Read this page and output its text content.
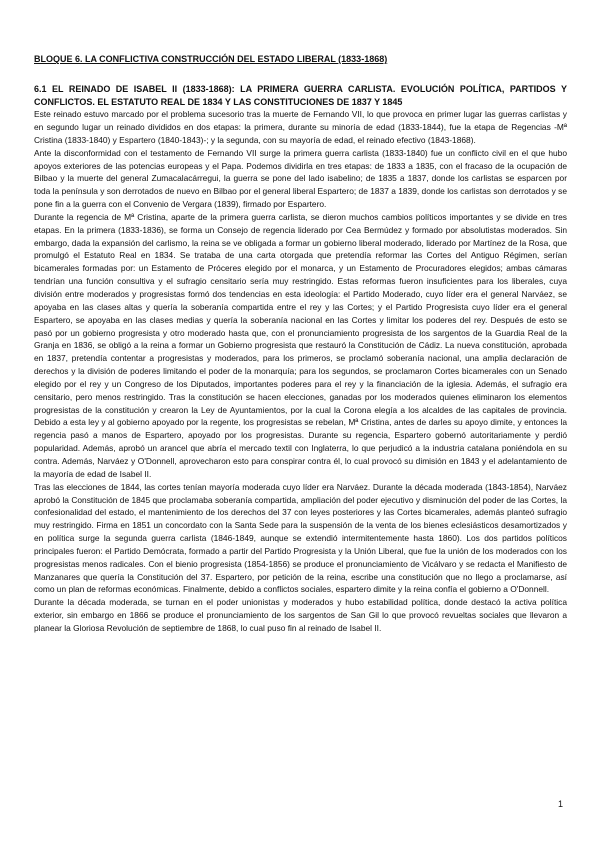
BLOQUE 6. LA CONFLICTIVA CONSTRUCCIÓN DEL ESTADO LIBERAL (1833-1868)

6.1 EL REINADO DE ISABEL II (1833-1868): LA PRIMERA GUERRA CARLISTA. EVOLUCIÓN POLÍTICA, PARTIDOS Y CONFLICTOS. EL ESTATUTO REAL DE 1834 Y LAS CONSTITUCIONES DE 1837 Y 1845

Este reinado estuvo marcado por el problema sucesorio tras la muerte de Fernando VII, lo que provoca en primer lugar las guerras carlistas y en segundo lugar un reinado divididos en dos etapas: la primera, durante su minoría de edad (1833-1844), fue la etapa de Regencias -Mª Cristina (1833-1840) y Espartero (1840-1843)-; y la segunda, con su mayoría de edad, el reinado efectivo (1843-1868).

Ante la disconformidad con el testamento de Fernando VII surge la primera guerra carlista (1833-1840) fue un conflicto civil en el que hubo apoyos exteriores de las potencias europeas y el Papa. Podemos dividirla en tres etapas: de 1833 a 1835, con el fracaso de la ocupación de Bilbao y la muerte del general Zumacalacárregui, la guerra se pone del lado isabelino; de 1835 a 1837, donde los carlistas se esparcen por toda la península y son derrotados de nuevo en Bilbao por el general liberal Espartero; de 1837 a 1839, donde los carlistas son derrotados y se pone fin a la guerra con el Convenio de Vergara (1839), firmado por Espartero.

Durante la regencia de Mª Cristina, aparte de la primera guerra carlista, se dieron muchos cambios políticos importantes y se divide en tres etapas. En la primera (1833-1836), se forma un Consejo de regencia liderado por Cea Bermúdez y formado por absolutistas moderados. Sin embargo, dada la expansión del carlismo, la reina se ve obligada a formar un gobierno liberal moderado, liderado por Martínez de la Rosa, que promulgó el Estatuto Real en 1834. Se trataba de una carta otorgada que pretendía reformar las Cortes del Antiguo Régimen, serían bicamerales formadas por: un Estamento de Próceres elegido por el monarca, y un Estamento de Procuradores elegidos; ambas cámaras tendrían una función consultiva y el sufragio censitario sería muy restringido. Estas reformas fueron insuficientes para los liberales, cuya división entre moderados y progresistas formó dos tendencias en esta ideología: el Partido Moderado, cuyo líder era el general Narváez, se apoyaba en las clases altas y quería la soberanía compartida entre el rey y las Cortes; y el Partido Progresista cuyo líder era el general Espartero, se apoyaba en las clases medias y quería la soberanía nacional en las Cortes y limitar los poderes del rey. Después de esto se pasó por un gobierno progresista y otro moderado hasta que, con el pronunciamiento progresista de los sargentos de la Guardia Real de la Granja en 1836, se obligó a la reina a formar un Gobierno progresista que restauró la Constitución de Cádiz. La nueva constitución, aprobada en 1837, pretendía contentar a progresistas y moderados, para los primeros, se proclamó soberanía nacional, una amplia declaración de derechos y la división de poderes limitando el poder de la monarquía; para los segundos, se proclamaron Cortes bicamerales con un Senado elegido por el rey y un Congreso de los Diputados, importantes poderes para el rey y la financiación de la iglesia. Además, el sufragio era censitario, pero menos restringido. Tras la constitución se hacen elecciones, ganadas por los moderados quienes eliminaron los elementos progresistas de la constitución y crearon la Ley de Ayuntamientos, por la cual la Corona elegía a los alcaldes de las capitales de provincia. Debido a esta ley y al gobierno apoyado por la regente, los progresistas se rebelan, Mª Cristina, antes de darles su apoyo dimite, y entonces la regencia pasó a manos de Espartero, apoyado por los progresistas. Durante su regencia, Espartero gobernó autoritariamente y perdió popularidad. Además, aprobó un arancel que abría el mercado textil con Inglaterra, lo que perjudicó a la industria catalana poniéndola en su contra. Además, Narváez y O'Donnell, aprovecharon esto para conspirar contra él, lo cual provocó su dimisión en 1843 y el adelantamiento de la mayoría de edad de Isabel II.

Tras las elecciones de 1844, las cortes tenían mayoría moderada cuyo líder era Narváez. Durante la década moderada (1843-1854), Narváez aprobó la Constitución de 1845 que proclamaba soberanía compartida, ampliación del poder ejecutivo y disminución del poder de las Cortes, la confesionalidad del estado, el mantenimiento de los derechos del 37 con leyes posteriores y las Cortes bicamerales, además planteó sufragio muy restringido. Firma en 1851 un concordato con la Santa Sede para la suspensión de la venta de los bienes eclesiásticos desamortizados y en política surge la segunda guerra carlista (1846-1849, aunque se extendió intermitentemente hasta 1860). Los dos partidos políticos principales fueron: el Partido Demócrata, formado a partir del Partido Progresista y la Unión Liberal, que fue la unión de los moderados con los progresistas menos radicales. Con el bienio progresista (1854-1856) se produce el pronunciamiento de Vicálvaro y se redacta el Manifiesto de Manzanares que quería la Constitución del 37. Espartero, por petición de la reina, escribe una constitución que no llego a proclamarse, así como un plan de reformas económicas. Finalmente, debido a conflictos sociales, espartero dimite y la reina confía el gobierno a O'Donnell.

Durante la década moderada, se turnan en el poder unionistas y moderados y hubo estabilidad política, donde destacó la activa política exterior, sin embargo en 1866 se produce el pronunciamiento de los sargentos de San Gil lo que provocó revueltas sociales que llevaron a planear la Gloriosa Revolución de septiembre de 1868, lo cual puso fin al reinado de Isabel II.

1
